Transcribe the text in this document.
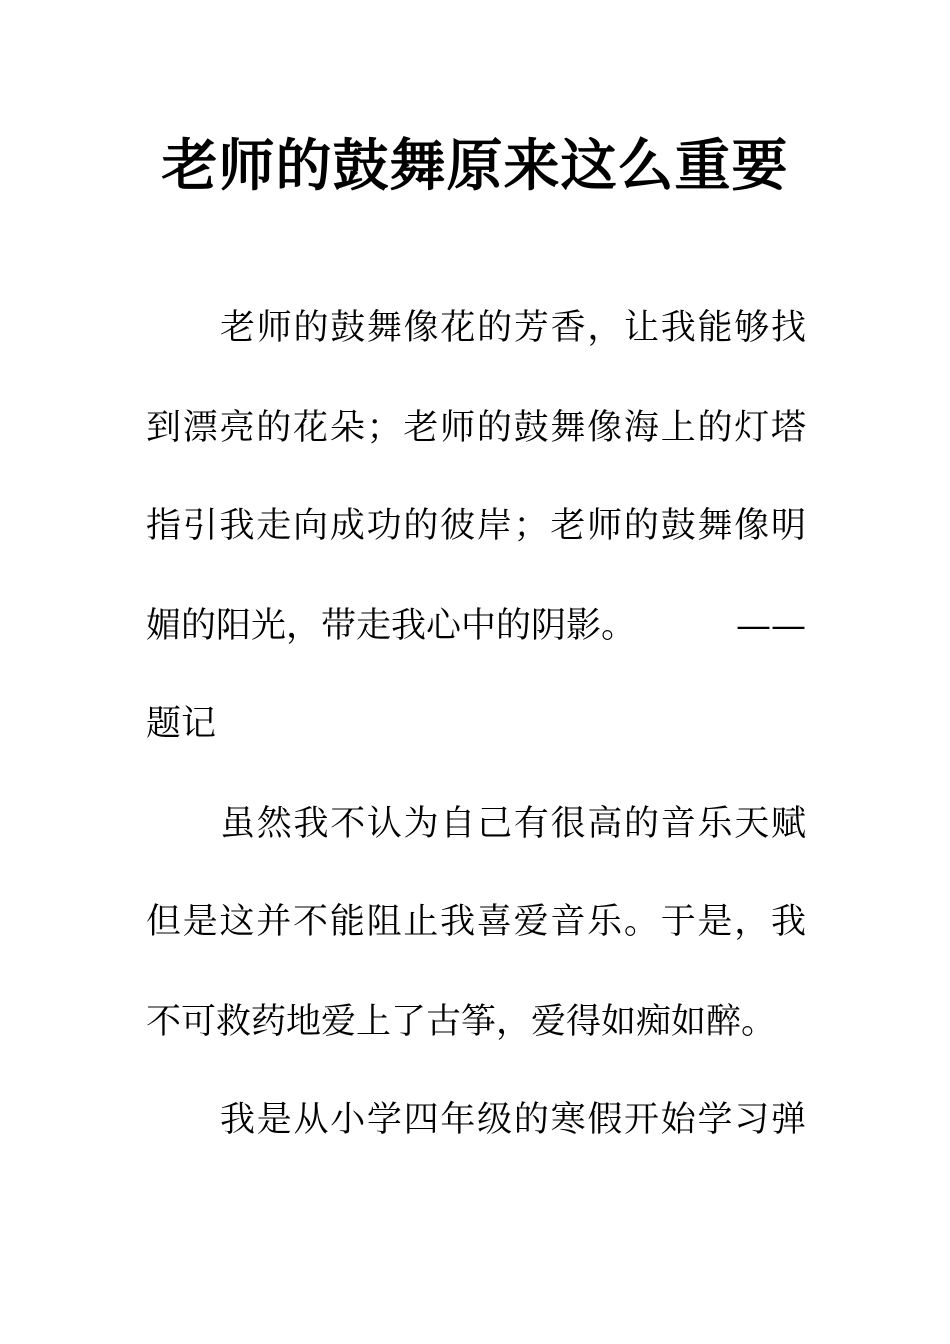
老师的鼓舞原来这么重要
老师的鼓舞像花的芳香，让我能够找
到漂亮的花朵；老师的鼓舞像海上的灯塔
指引我走向成功的彼岸；老师的鼓舞像明
媚的阳光，带走我心中的阴影。	——
题记
虽然我不认为自己有很高的音乐天赋
但是这并不能阻止我喜爱音乐。于是，我
不可救药地爱上了古筝，爱得如痴如醉。
我是从小学四年级的寒假开始学习弹
